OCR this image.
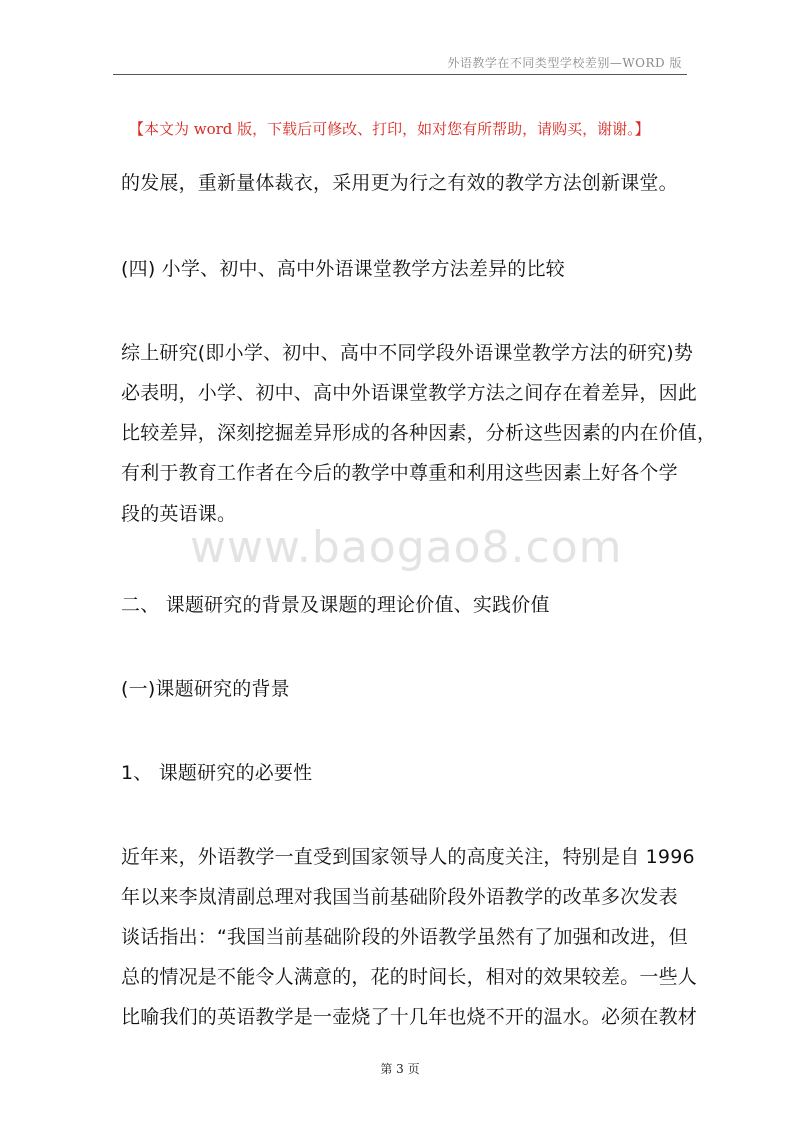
外语教学在不同类型学校差别—WORD 版
【本文为 word 版，下载后可修改、打印，如对您有所帮助，请购买，谢谢。】
的发展，重新量体裁衣，采用更为行之有效的教学方法创新课堂。
(四) 小学、初中、高中外语课堂教学方法差异的比较
综上研究(即小学、初中、高中不同学段外语课堂教学方法的研究)势
必表明，小学、初中、高中外语课堂教学方法之间存在着差异，因此
比较差异，深刻挖掘差异形成的各种因素，分析这些因素的内在价值，
有利于教育工作者在今后的教学中尊重和利用这些因素上好各个学
段的英语课。
www.baogao8.com
二、 课题研究的背景及课题的理论价值、实践价值
(一)课题研究的背景
1、 课题研究的必要性
近年来，外语教学一直受到国家领导人的高度关注，特别是自 1996
年以来李岚清副总理对我国当前基础阶段外语教学的改革多次发表
谈话指出：“我国当前基础阶段的外语教学虽然有了加强和改进，但
总的情况是不能令人满意的，花的时间长，相对的效果较差。一些人
比喻我们的英语教学是一壶烧了十几年也烧不开的温水。必须在教材
第 3 页
